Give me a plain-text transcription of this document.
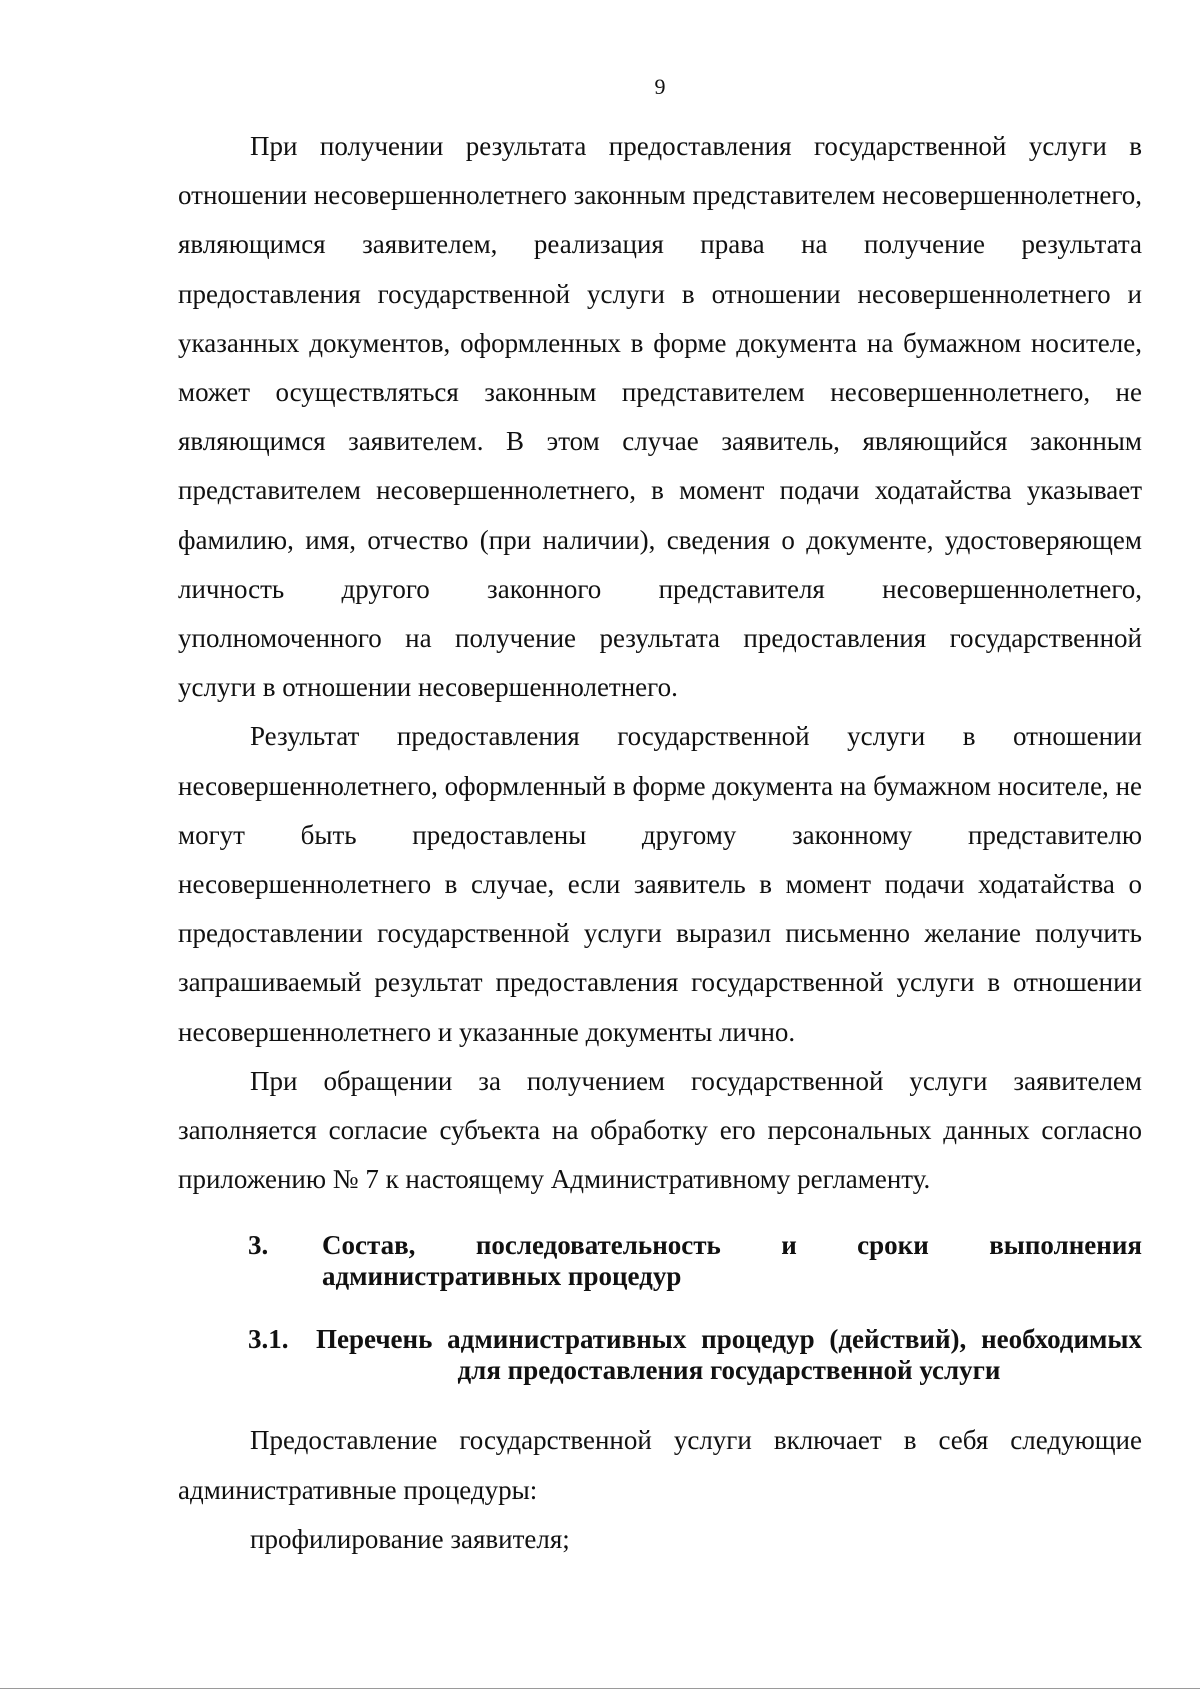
9

При получении результата предоставления государственной услуги в отношении несовершеннолетнего законным представителем несовершеннолетнего, являющимся заявителем, реализация права на получение результата предоставления государственной услуги в отношении несовершеннолетнего и указанных документов, оформленных в форме документа на бумажном носителе, может осуществляться законным представителем несовершеннолетнего, не являющимся заявителем. В этом случае заявитель, являющийся законным представителем несовершеннолетнего, в момент подачи ходатайства указывает фамилию, имя, отчество (при наличии), сведения о документе, удостоверяющем личность другого законного представителя несовершеннолетнего, уполномоченного на получение результата предоставления государственной услуги в отношении несовершеннолетнего.

Результат предоставления государственной услуги в отношении несовершеннолетнего, оформленный в форме документа на бумажном носителе, не могут быть предоставлены другому законному представителю несовершеннолетнего в случае, если заявитель в момент подачи ходатайства о предоставлении государственной услуги выразил письменно желание получить запрашиваемый результат предоставления государственной услуги в отношении несовершеннолетнего и указанные документы лично.

При обращении за получением государственной услуги заявителем заполняется согласие субъекта на обработку его персональных данных согласно приложению № 7 к настоящему Административному регламенту.

3.	Состав, последовательность и сроки выполнения административных процедур
3.1.	Перечень административных процедур (действий), необходимых для предоставления государственной услуги

Предоставление государственной услуги включает в себя следующие административные процедуры:

профилирование заявителя;
